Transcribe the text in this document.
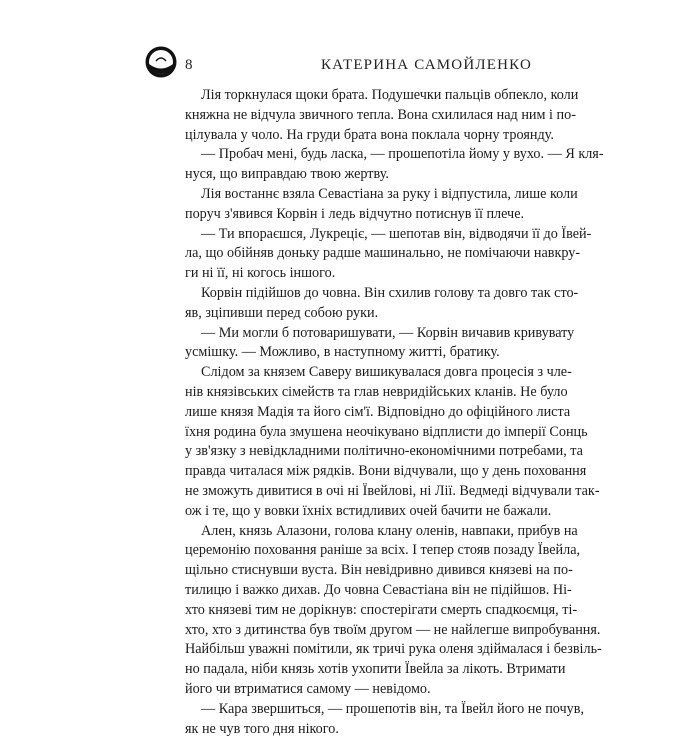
8	КАТЕРИНА САМОЙЛЕНКО
Лія торкнулася щоки брата. Подушечки пальців обпекло, коли
княжна не відчула звичного тепла. Вона схилилася над ним і по-
цілувала у чоло. На груди брата вона поклала чорну троянду.
— Пробач мені, будь ласка, — прошепотіла йому у вухо. — Я кля-
нуся, що виправдаю твою жертву.
Лія востаннє взяла Севастіана за руку і відпустила, лише коли
поруч з'явився Корвін і ледь відчутно потиснув її плече.
— Ти впораєшся, Лукреціє, — шепотав він, відводячи її до Ївей-
ла, що обійняв доньку радше машинально, не помічаючи навкру-
ги ні її, ні когось іншого.
Корвін підійшов до човна. Він схилив голову та довго так сто-
яв, зціпивши перед собою руки.
— Ми могли б потоваришувати, — Корвін вичавив кривувату
усмішку. — Можливо, в наступному житті, братику.
Слідом за князем Саверу вишикувалася довга процесія з чле-
нів князівських сімейств та глав невридійських кланів. Не було
лише князя Мадія та його сім'ї. Відповідно до офіційного листа
їхня родина була змушена неочікувано відплисти до імперії Сонць
у зв'язку з невідкладними політично-економічними потребами, та
правда читалася між рядків. Вони відчували, що у день поховання
не зможуть дивитися в очі ні Ївейлові, ні Лії. Ведмеді відчували так-
ож і те, що у вовки їхніх встидливих очей бачити не бажали.
Ален, князь Алазони, голова клану оленів, навпаки, прибув на
церемонію поховання раніше за всіх. І тепер стояв позаду Ївейла,
щільно стиснувши вуста. Він невідривно дивився князеві на по-
тилицю і важко дихав. До човна Севастіана він не підійшов. Ні-
хто князеві тим не дорікнув: спостерігати смерть спадкоємця, ті-
хто, хто з дитинства був твоїм другом — не найлегше випробування.
Найбільш уважні помітили, як тричі рука оленя здіймалася і безвіль-
но падала, ніби князь хотів ухопити Ївейла за лікоть. Втримати
його чи втриматися самому — невідомо.
— Кара звершиться, — прошепотів він, та Ївейл його не почув,
як не чув того дня нікого.
